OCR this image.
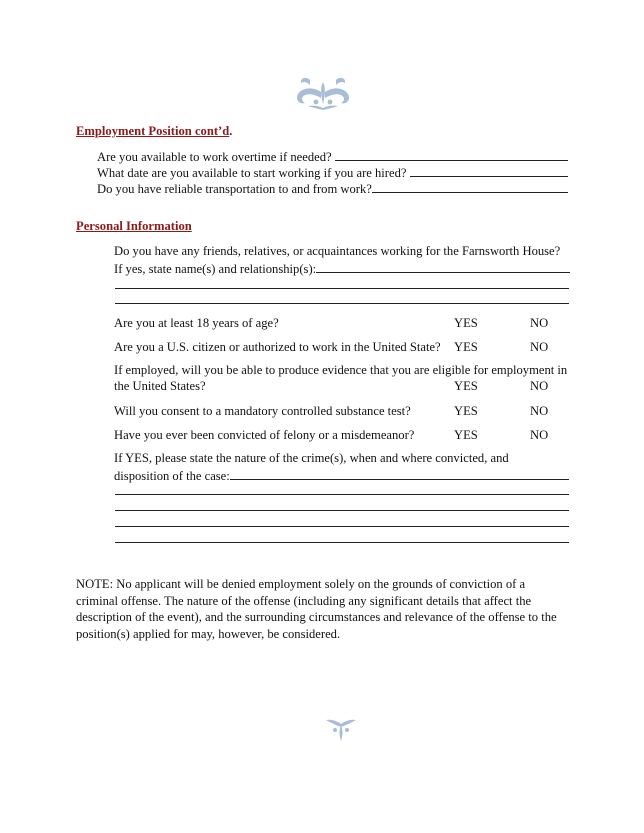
Employment Position cont’d.
Are you available to work overtime if needed?
What date are you available to start working if you are hired?
Do you have reliable transportation to and from work?
Personal Information
Do you have any friends, relatives, or acquaintances working for the Farnsworth House?
If yes, state name(s) and relationship(s):
Are you at least 18 years of age?	YES	NO
Are you a U.S. citizen or authorized to work in the United State? YES	NO
If employed, will you be able to produce evidence that you are eligible for employment in
the United States?	YES	NO
Will you consent to a mandatory controlled substance test?	YES	NO
Have you ever been convicted of felony or a misdemeanor?	YES	NO
If YES, please state the nature of the crime(s), when and where convicted, and
disposition of the case:
NOTE: No applicant will be denied employment solely on the grounds of conviction of a criminal offense. The nature of the offense (including any significant details that affect the description of the event), and the surrounding circumstances and relevance of the offense to the position(s) applied for may, however, be considered.
